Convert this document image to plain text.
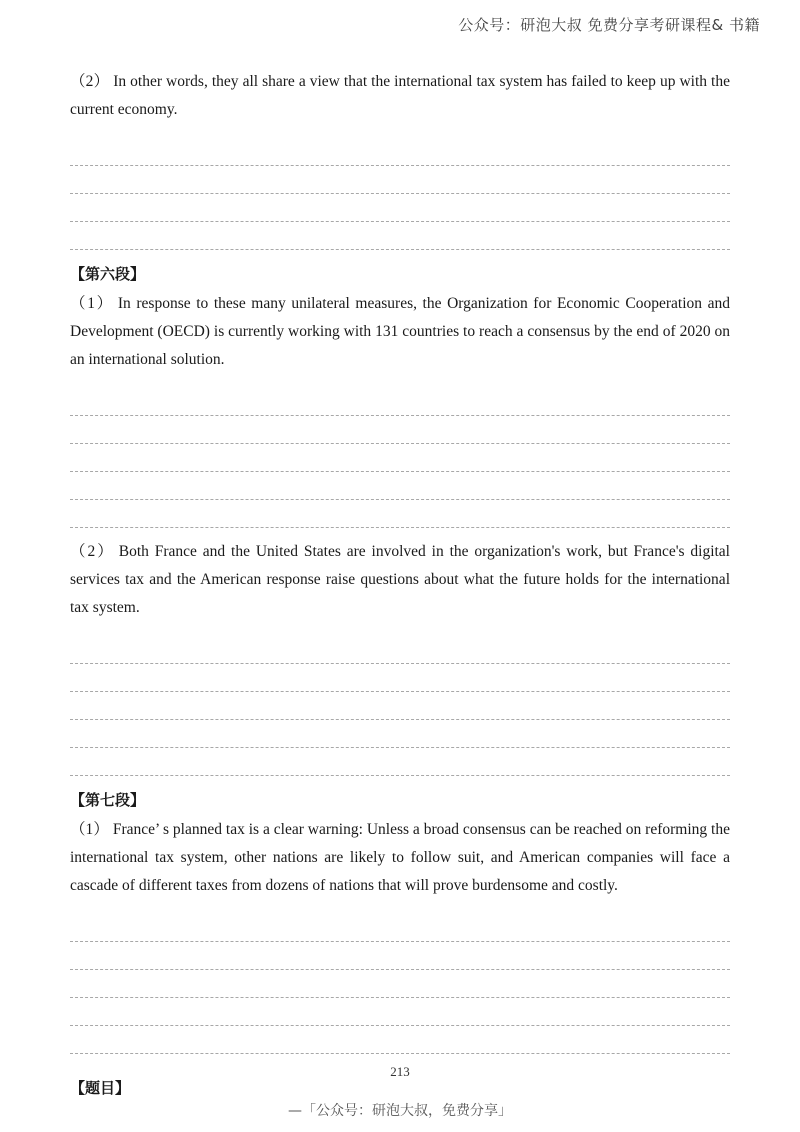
公众号：研泡大叔 免费分享考研课程& 书籍

（2） In other words, they all share a view that the international tax system has failed to keep up with the current economy.

【第六段】

（1） In response to these many unilateral measures, the Organization for Economic Cooperation and Development (OECD) is currently working with 131 countries to reach a consensus by the end of 2020 on an international solution.

（2） Both France and the United States are involved in the organization's work, but France's digital services tax and the American response raise questions about what the future holds for the international tax system.

【第七段】

（1） France’ s planned tax is a clear warning: Unless a broad consensus can be reached on reforming the international tax system, other nations are likely to follow suit, and American companies will face a cascade of different taxes from dozens of nations that will prove burdensome and costly.

【题目】
213
—「公众号：研泡大叔，免费分享」
